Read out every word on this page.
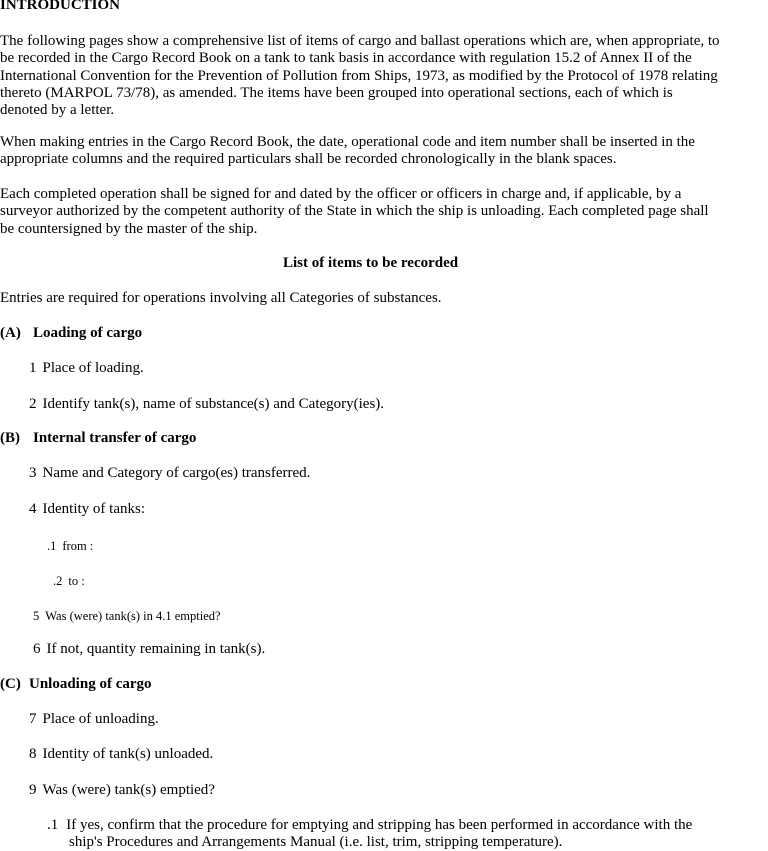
INTRODUCTION
The following pages show a comprehensive list of items of cargo and ballast operations which are, when appropriate, to
be recorded in the Cargo Record Book on a tank to tank basis in accordance with regulation 15.2 of Annex II of the
International Convention for the Prevention of Pollution from Ships, 1973, as modified by the Protocol of 1978 relating
thereto (MARPOL 73/78), as amended. The items have been grouped into operational sections, each of which is
denoted by a letter.
When making entries in the Cargo Record Book, the date, operational code and item number shall be inserted in the
appropriate columns and the required particulars shall be recorded chronologically in the blank spaces.
Each completed operation shall be signed for and dated by the officer or officers in charge and, if applicable, by a
surveyor authorized by the competent authority of the State in which the ship is unloading. Each completed page shall
be countersigned by the master of the ship.
List of items to be recorded
Entries are required for operations involving all Categories of substances.
(A) Loading of cargo
1 Place of loading.
2 Identify tank(s), name of substance(s) and Category(ies).
(B) Internal transfer of cargo
3 Name and Category of cargo(es) transferred.
4 Identity of tanks:
.1 from :
.2 to :
5 Was (were) tank(s) in 4.1 emptied?
6 If not, quantity remaining in tank(s).
(C) Unloading of cargo
7 Place of unloading.
8 Identity of tank(s) unloaded.
9 Was (were) tank(s) emptied?
.1 If yes, confirm that the procedure for emptying and stripping has been performed in accordance with the
ship's Procedures and Arrangements Manual (i.e. list, trim, stripping temperature).
